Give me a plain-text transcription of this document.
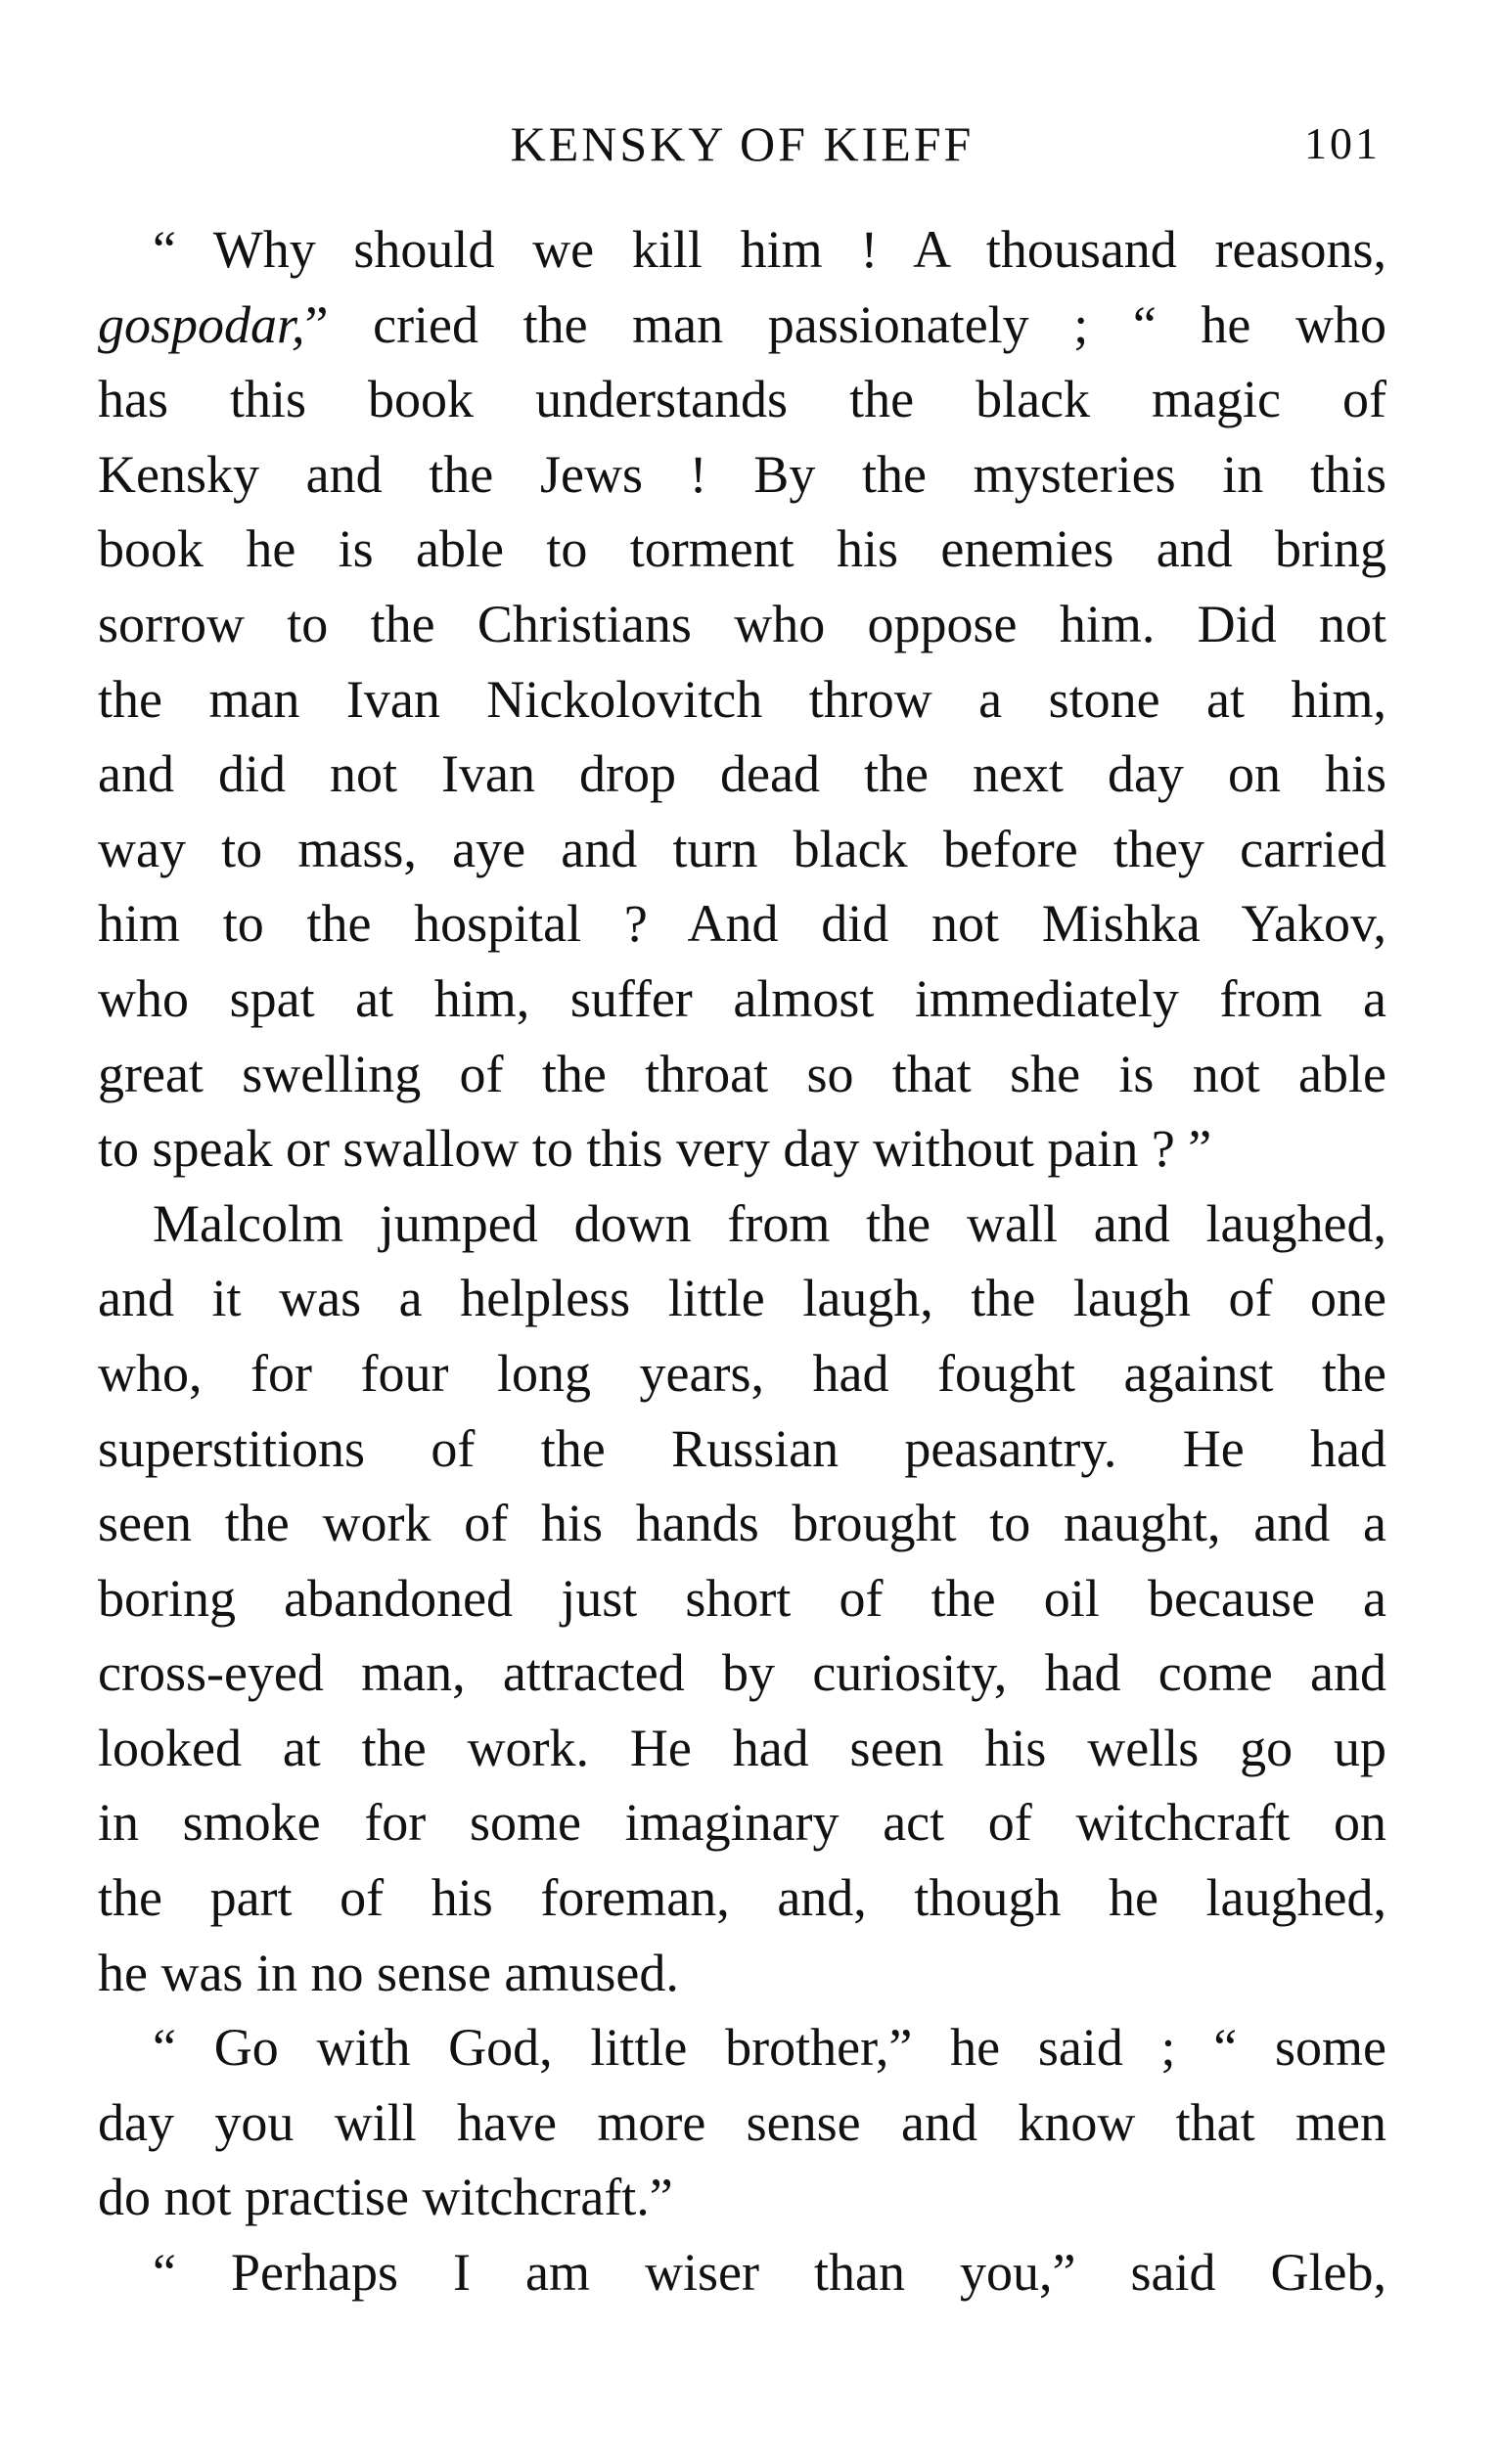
KENSKY OF KIEFF	101
“ Why should we kill him ! A thousand reasons,
gospodar,” cried the man passionately ; “ he who
has this book understands the black magic of
Kensky and the Jews ! By the mysteries in this
book he is able to torment his enemies and bring
sorrow to the Christians who oppose him. Did not
the man Ivan Nickolovitch throw a stone at him,
and did not Ivan drop dead the next day on his
way to mass, aye and turn black before they carried
him to the hospital ? And did not Mishka Yakov,
who spat at him, suffer almost immediately from a
great swelling of the throat so that she is not able
to speak or swallow to this very day without pain ? ”
Malcolm jumped down from the wall and laughed,
and it was a helpless little laugh, the laugh of one
who, for four long years, had fought against the
superstitions of the Russian peasantry. He had
seen the work of his hands brought to naught, and a
boring abandoned just short of the oil because a
cross-eyed man, attracted by curiosity, had come and
looked at the work. He had seen his wells go up
in smoke for some imaginary act of witchcraft on
the part of his foreman, and, though he laughed,
he was in no sense amused.
“ Go with God, little brother,” he said ; “ some
day you will have more sense and know that men
do not practise witchcraft.”
“ Perhaps I am wiser than you,” said Gleb,
